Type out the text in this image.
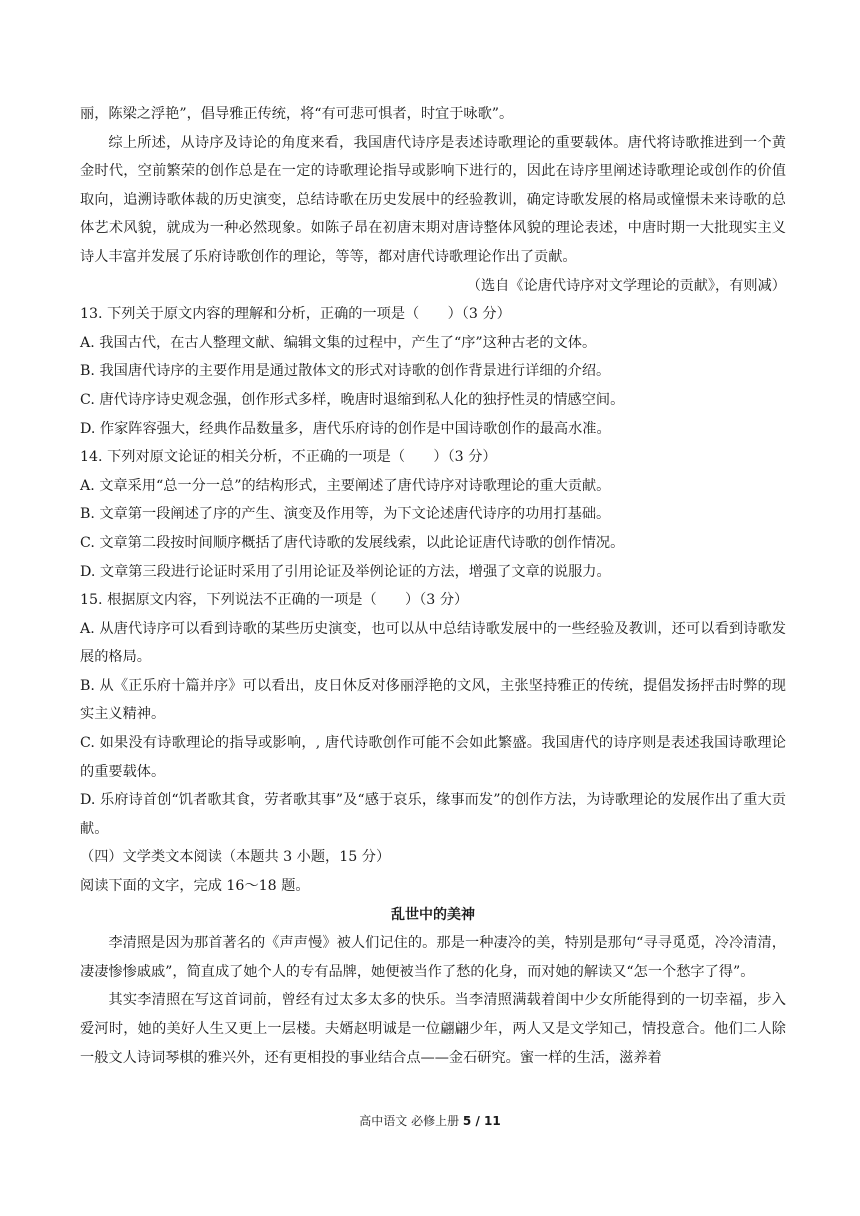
丽，陈梁之浮艳”，倡导雅正传统，将“有可悲可惧者，时宜于咏歌”。

综上所述，从诗序及诗论的角度来看，我国唐代诗序是表述诗歌理论的重要载体。唐代将诗歌推进到一个黄金时代，空前繁荣的创作总是在一定的诗歌理论指导或影响下进行的，因此在诗序里阐述诗歌理论或创作的价值取向，追溯诗歌体裁的历史演变，总结诗歌在历史发展中的经验教训，确定诗歌发展的格局或憧憬未来诗歌的总体艺术风貌，就成为一种必然现象。如陈子昂在初唐末期对唐诗整体风貌的理论表述，中唐时期一大批现实主义诗人丰富并发展了乐府诗歌创作的理论，等等，都对唐代诗歌理论作出了贡献。

（选自《论唐代诗序对文学理论的贡献》，有则减）

13. 下列关于原文内容的理解和分析，正确的一项是（　　）（3 分）

A. 我国古代，在古人整理文献、编辑文集的过程中，产生了“序”这种古老的文体。

B. 我国唐代诗序的主要作用是通过散体文的形式对诗歌的创作背景进行详细的介绍。

C. 唐代诗序诗史观念强，创作形式多样，晚唐时退缩到私人化的独抒性灵的情感空间。

D. 作家阵容强大，经典作品数量多，唐代乐府诗的创作是中国诗歌创作的最高水准。

14. 下列对原文论证的相关分析，不正确的一项是（　　）（3 分）

A. 文章采用“总一分一总”的结构形式，主要阐述了唐代诗序对诗歌理论的重大贡献。

B. 文章第一段阐述了序的产生、演变及作用等，为下文论述唐代诗序的功用打基础。

C. 文章第二段按时间顺序概括了唐代诗歌的发展线索，以此论证唐代诗歌的创作情况。

D. 文章第三段进行论证时采用了引用论证及举例论证的方法，增强了文章的说服力。

15. 根据原文内容，下列说法不正确的一项是（　　）（3 分）

A. 从唐代诗序可以看到诗歌的某些历史演变，也可以从中总结诗歌发展中的一些经验及教训，还可以看到诗歌发展的格局。

B. 从《正乐府十篇并序》可以看出，皮日休反对侈丽浮艳的文风，主张坚持雅正的传统，提倡发扬抨击时弊的现实主义精神。

C. 如果没有诗歌理论的指导或影响，, 唐代诗歌创作可能不会如此繁盛。我国唐代的诗序则是表述我国诗歌理论的重要载体。

D. 乐府诗首创“饥者歌其食，劳者歌其事”及“感于哀乐，缘事而发”的创作方法，为诗歌理论的发展作出了重大贡献。

（四）文学类文本阅读（本题共 3 小题，15 分）

阅读下面的文字，完成 16～18 题。

乱世中的美神

李清照是因为那首著名的《声声慢》被人们记住的。那是一种凄冷的美，特别是那句“寻寻觅觅，冷冷清清，凄凄惨惨戚戚”，简直成了她个人的专有品牌，她便被当作了愁的化身，而对她的解读又“怎一个愁字了得”。

其实李清照在写这首词前，曾经有过太多太多的快乐。当李清照满载着闺中少女所能得到的一切幸福，步入爱河时，她的美好人生又更上一层楼。夫婿赵明诚是一位翩翩少年，两人又是文学知己，情投意合。他们二人除一般文人诗词琴棋的雅兴外，还有更相投的事业结合点——金石研究。蜜一样的生活，滋养着

高中语文 必修上册 5 / 11
